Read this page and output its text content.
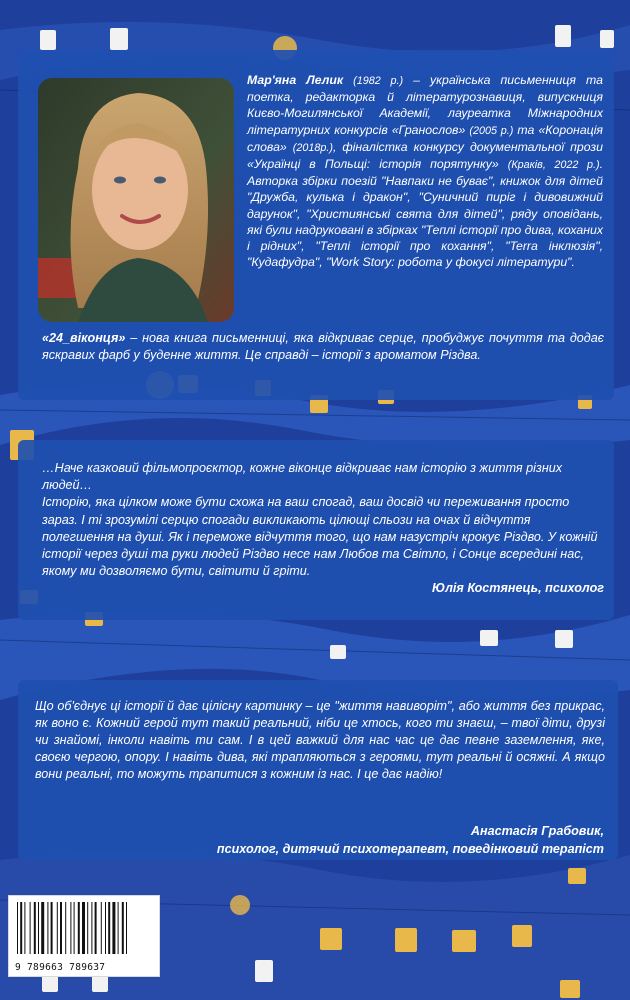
Мар'яна Лелик (1982 р.) – українська письменниця та поетка, редакторка й літературознавиця, випускниця Києво-Могилянської Академії, лауреатка Міжнародних літературних конкурсів «Гранослов» (2005 р.) та «Коронація слова» (2018р.), фіналістка конкурсу документальної прози «Українці в Польщі: історія порятунку» (Краків, 2022 р.). Авторка збірки поезій "Навпаки не буває", книжок для дітей "Дружба, кулька і дракон", "Суничний пиріг і дивовижний дарунок", "Християнські свята для дітей", ряду оповідань, які були надруковані в збірках "Теплі історії про дива, коханих і рідних", "Теплі історії про кохання", "Terra інклюзія", "Кудафудра", "Work Story: робота у фокусі літератури".
«24_віконця» – нова книга письменниці, яка відкриває серце, пробуджує почуття та додає яскравих фарб у буденне життя. Це справді – історії з ароматом Різдва.

…Наче казковий фільмопроєктор, кожне віконце відкриває нам історію з життя різних людей…

Історію, яка цілком може бути схожа на ваш спогад, ваш досвід чи переживання просто зараз. І ті зрозумілі серцю спогади викликають цілющі сльози на очах й відчуття полегшення на душі. Як і переможе відчуття того, що нам назустріч крокує Різдво. У кожній історії через душі та руки людей Різдво несе нам Любов та Світло, і Сонце всередині нас, якому ми дозволяємо бути, світити й гріти.

Юлія Костянець, психолог

Що об'єднує ці історії й дає цілісну картинку – це "життя навиворіт", або життя без прикрас, як воно є. Кожний герой тут такий реальний, ніби це хтось, кого ти знаєш, – твої діти, друзі чи знайомі, інколи навіть ти сам. І в цей важкий для нас час це дає певне заземлення, яке, своєю чергою, опору. І навіть дива, які трапляються з героями, тут реальні й осяжні. А якщо вони реальні, то можуть трапитися з кожним із нас. І це дає надію!

Анастасія Грабовик,
психолог, дитячий психотерапевт, поведінковий терапіст
9 789663 789637
